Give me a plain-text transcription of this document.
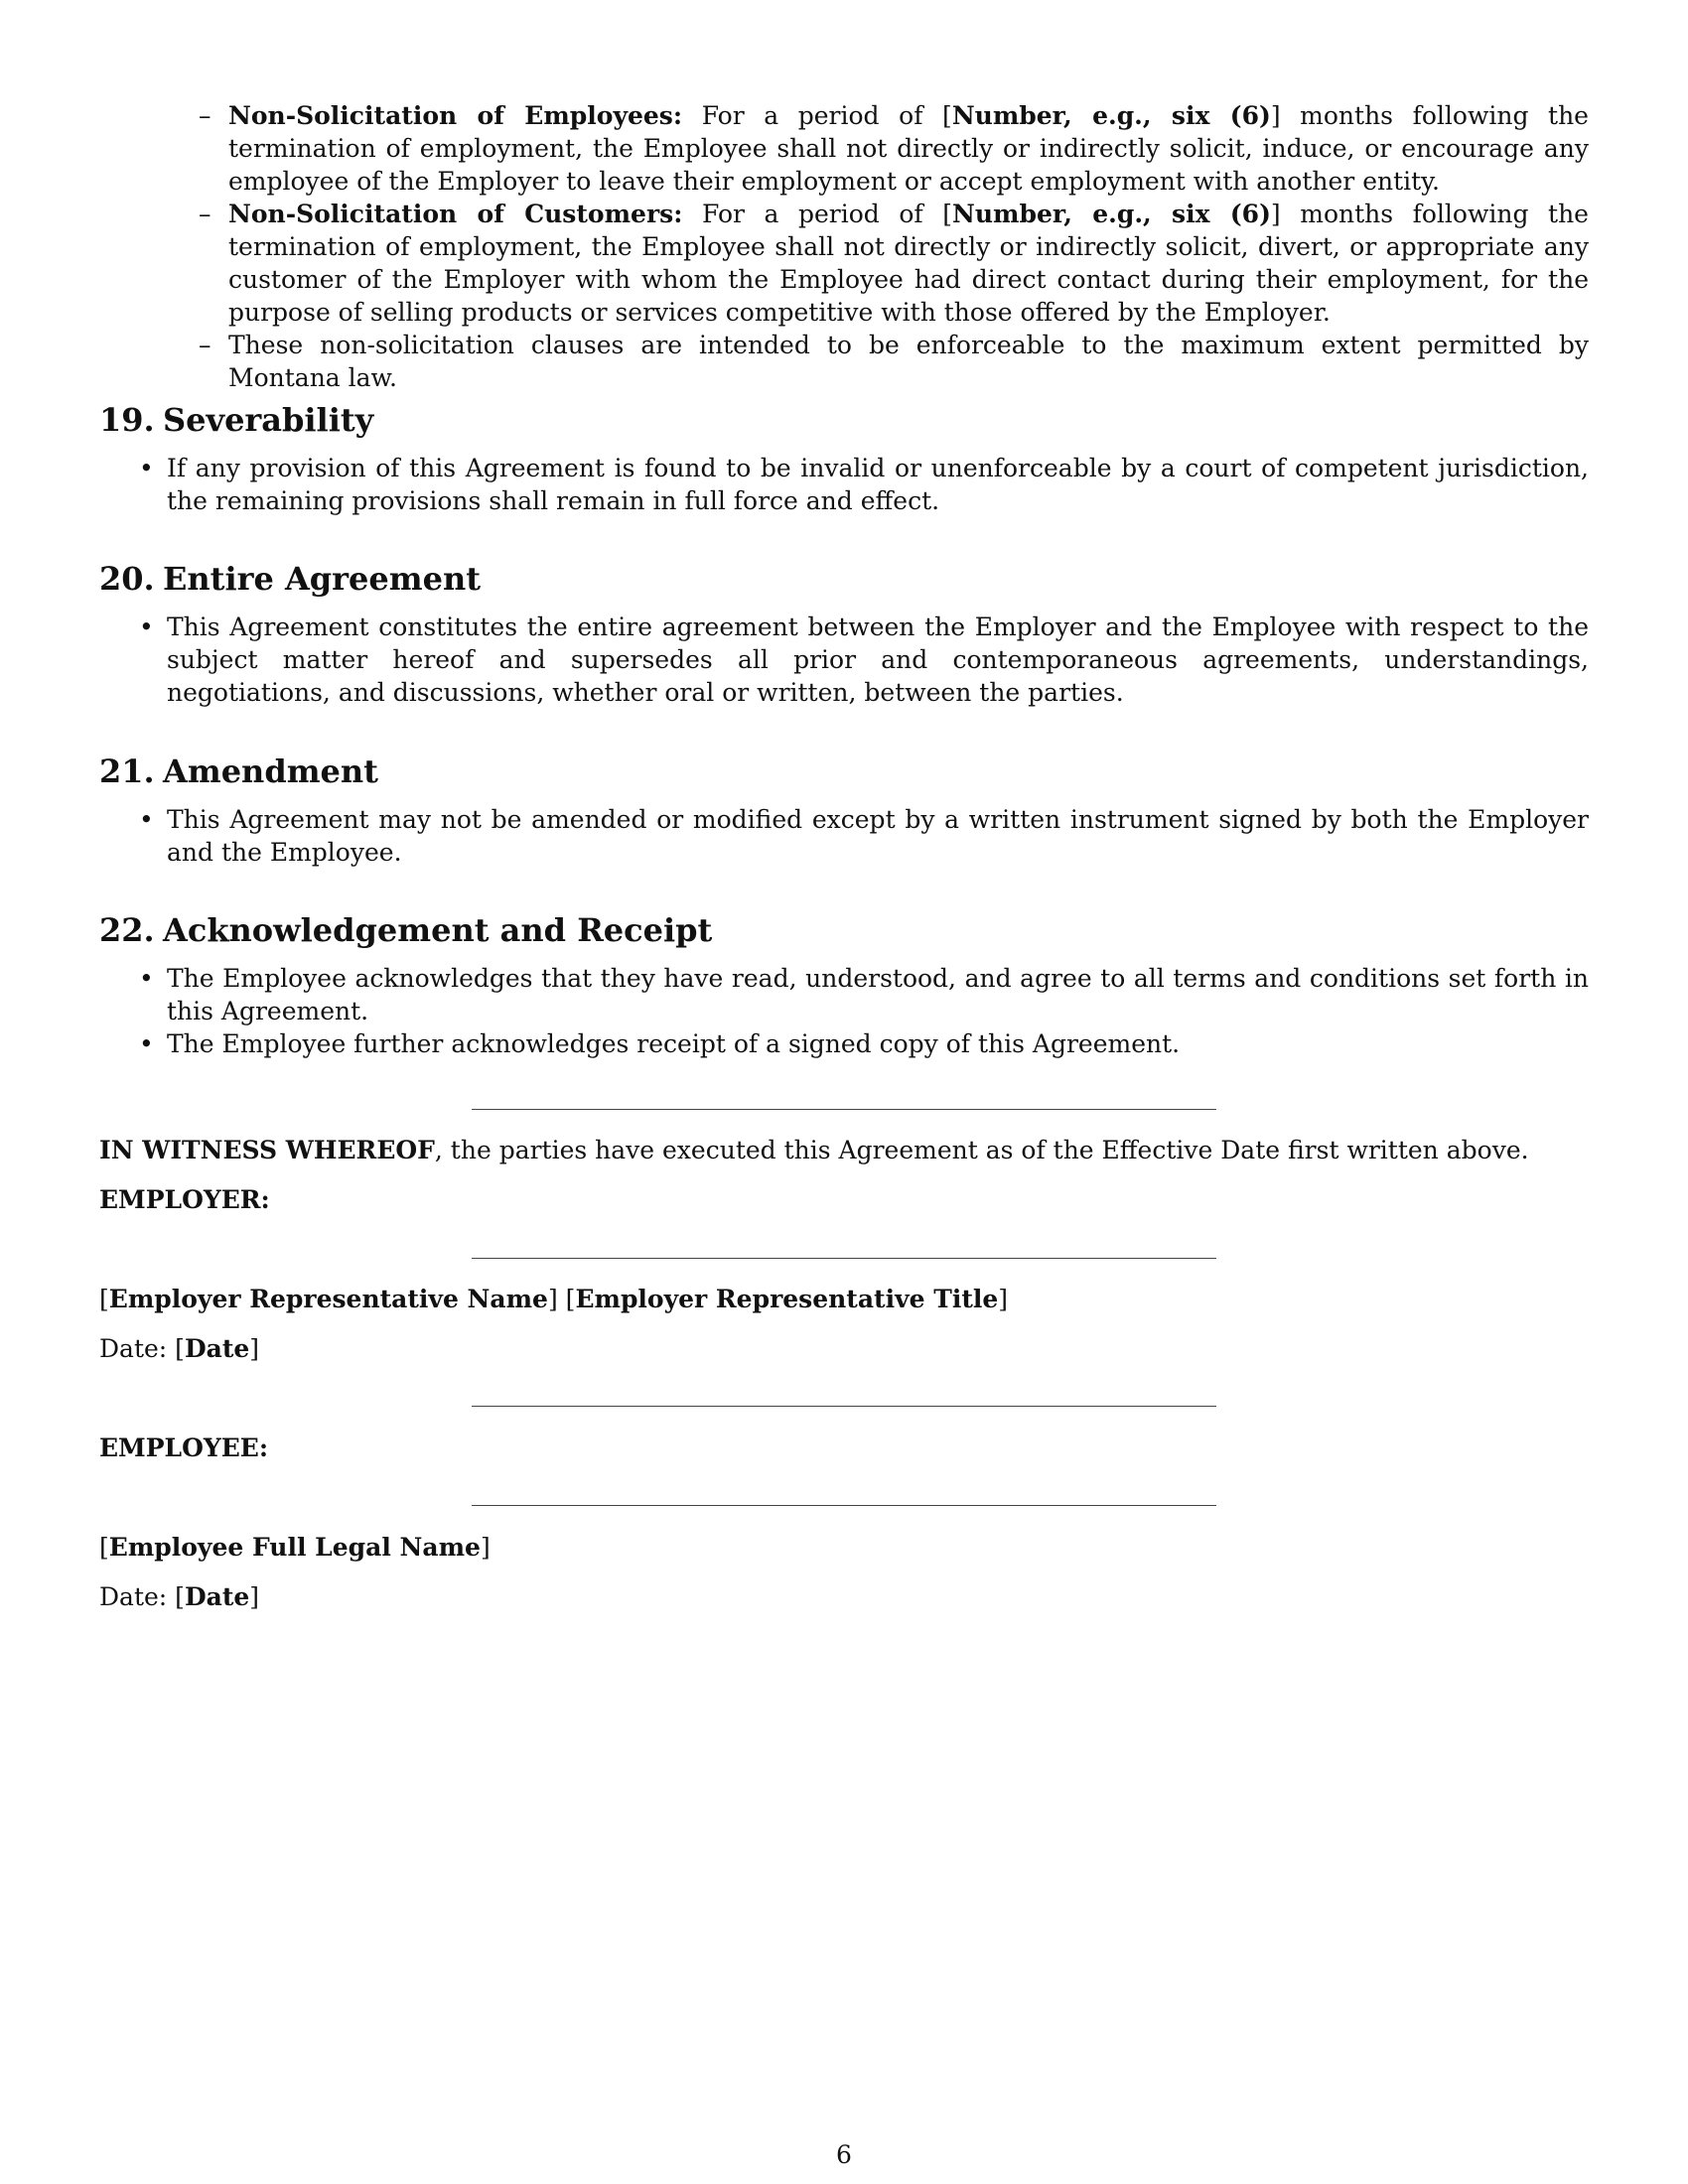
– Non-Solicitation of Employees: For a period of [Number, e.g., six (6)] months following the termination of employment, the Employee shall not directly or indirectly solicit, induce, or encourage any employee of the Employer to leave their employment or accept employment with another entity.
– Non-Solicitation of Customers: For a period of [Number, e.g., six (6)] months following the termination of employment, the Employee shall not directly or indirectly solicit, divert, or appropriate any customer of the Employer with whom the Employee had direct contact during their employment, for the purpose of selling products or services competitive with those offered by the Employer.
– These non-solicitation clauses are intended to be enforceable to the maximum extent permitted by Montana law.
19. Severability
• If any provision of this Agreement is found to be invalid or unenforceable by a court of competent jurisdiction, the remaining provisions shall remain in full force and effect.
20. Entire Agreement
• This Agreement constitutes the entire agreement between the Employer and the Employee with respect to the subject matter hereof and supersedes all prior and contemporaneous agreements, understandings, negotiations, and discussions, whether oral or written, between the parties.
21. Amendment
• This Agreement may not be amended or modified except by a written instrument signed by both the Employer and the Employee.
22. Acknowledgement and Receipt
• The Employee acknowledges that they have read, understood, and agree to all terms and conditions set forth in this Agreement.
• The Employee further acknowledges receipt of a signed copy of this Agreement.
IN WITNESS WHEREOF, the parties have executed this Agreement as of the Effective Date first written above.
EMPLOYER:
[Employer Representative Name] [Employer Representative Title]
Date: [Date]
EMPLOYEE:
[Employee Full Legal Name]
Date: [Date]
6
